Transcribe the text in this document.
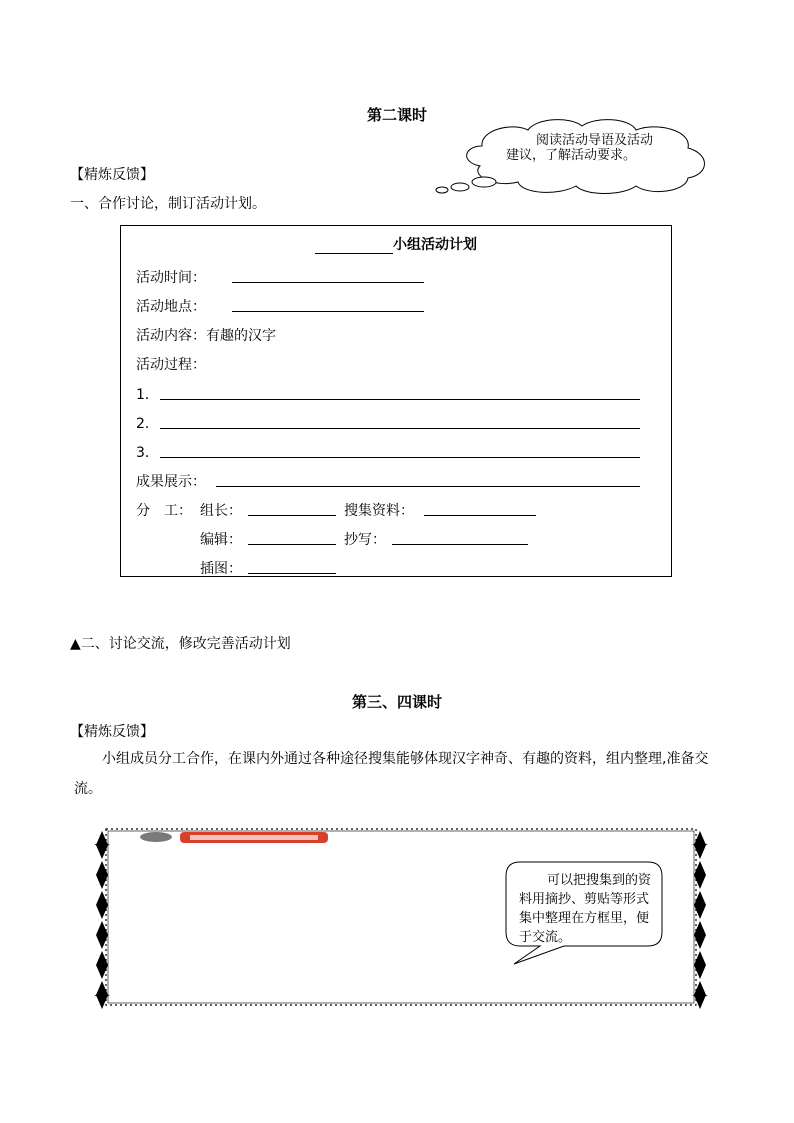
第二课时
阅读活动导语及活动建议，了解活动要求。
【精炼反馈】
一、合作讨论，制订活动计划。
小组活动计划
活动时间：
活动地点：
活动内容：有趣的汉字
活动过程：
1．
2．
3．
成果展示：
分　工： 组长：	搜集资料：
编辑：	抄写：
插图：
▲二、讨论交流，修改完善活动计划
第三、四课时
【精炼反馈】
小组成员分工合作，在课内外通过各种途径搜集能够体现汉字神奇、有趣的资料，组内整理,准备交流。
可以把搜集到的资料用摘抄、剪贴等形式集中整理在方框里，便于交流。
